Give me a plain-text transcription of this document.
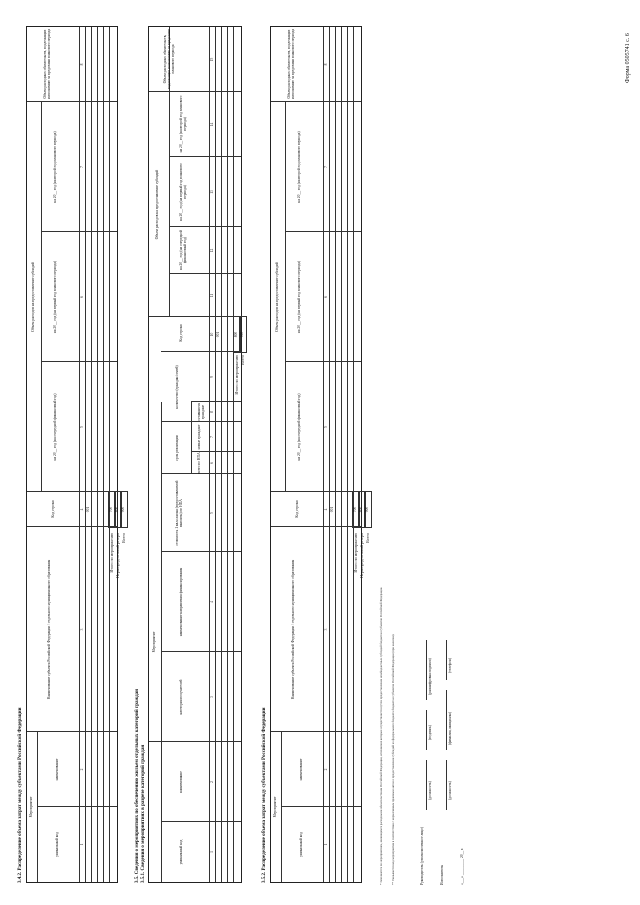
Форма 0505741 с. 6
3.4.2. Распределение объема затрат между субъектами Российской Федерации Мероприятие
уникальный код
наименование
Наименование субъекта Российской Федерации / отдельного муниципального образования
Код строки
Объем расходов на предоставление субсидий
на 20__ год (на очередной финансовый год)
на 20__ год (на первый год планового периода)
на 20__ год (на второй год планового периода)
Объем расходных обязательств, подлежащих исполнению за пределами планового периода
1
2
3
4
5
6
7
8
001
Итого по мероприятию Нераспределенный резерв Всего
700 800 900
3.5. Сведения о мероприятиях по обеспечению жильем отдельных категорий граждан 3.5.1. Сведения о мероприятиях в разрезе категорий граждан
Мероприятие
уникальный код
наименование
категория получателей
наименование направления финансирования
стоимость 1 кв.м жилья (предоставляемой выплаты) по НПА
срок реализации
количество (граждан/семей)
всего по НПА
новые граждане
оставшиеся граждане
Код строки
Объем расходов на предоставление субсидий
на 20__ год (на очередной финансовый год)
на 20__ год (на первый год планового периода)
на 20__ год (на второй год планового периода)
Объем расходных обязательств, подлежащих исполнению за пределами планового периода
1
2
3
4
5
6
7
8
9
10
11
12
13
14
15
001
Итого по мероприятию Всего
800 900
3.5.2. Распределение объема затрат между субъектами Российской Федерации Мероприятие
уникальный код
наименование
Наименование субъекта Российской Федерации / отдельного муниципального образования
Код строки
Объем расходов на предоставление субсидий
на 20__ год (на очередной финансовый год)
на 20__ год (на первый год планового периода)
на 20__ год (на второй год планового периода)
Объем расходных обязательств, подлежащих исполнению за пределами планового периода
1
2
3
4
5
6
7
8
001
Итого по мероприятию Нераспределенный резерв Всего
700 800 900
* Заполняется по мероприятиям, являющимся расходными обязательствами Российской Федерации, исполнение которых осуществляется путем предоставления межбюджетных субсидий бюджетам субъектов Российской Федерации.	** Указывается код мероприятия в соответствии с нормативным правовым актом о предоставлении субсидий из федерального бюджета бюджетам субъектов Российской Федерации (при наличии).	Руководитель (уполномоченное лицо)
(должность)
(подпись)
(расшифровка подписи)
Исполнитель
(должность)
(фамилия, инициалы)
(телефон)
«___» _________ 20__ г.
